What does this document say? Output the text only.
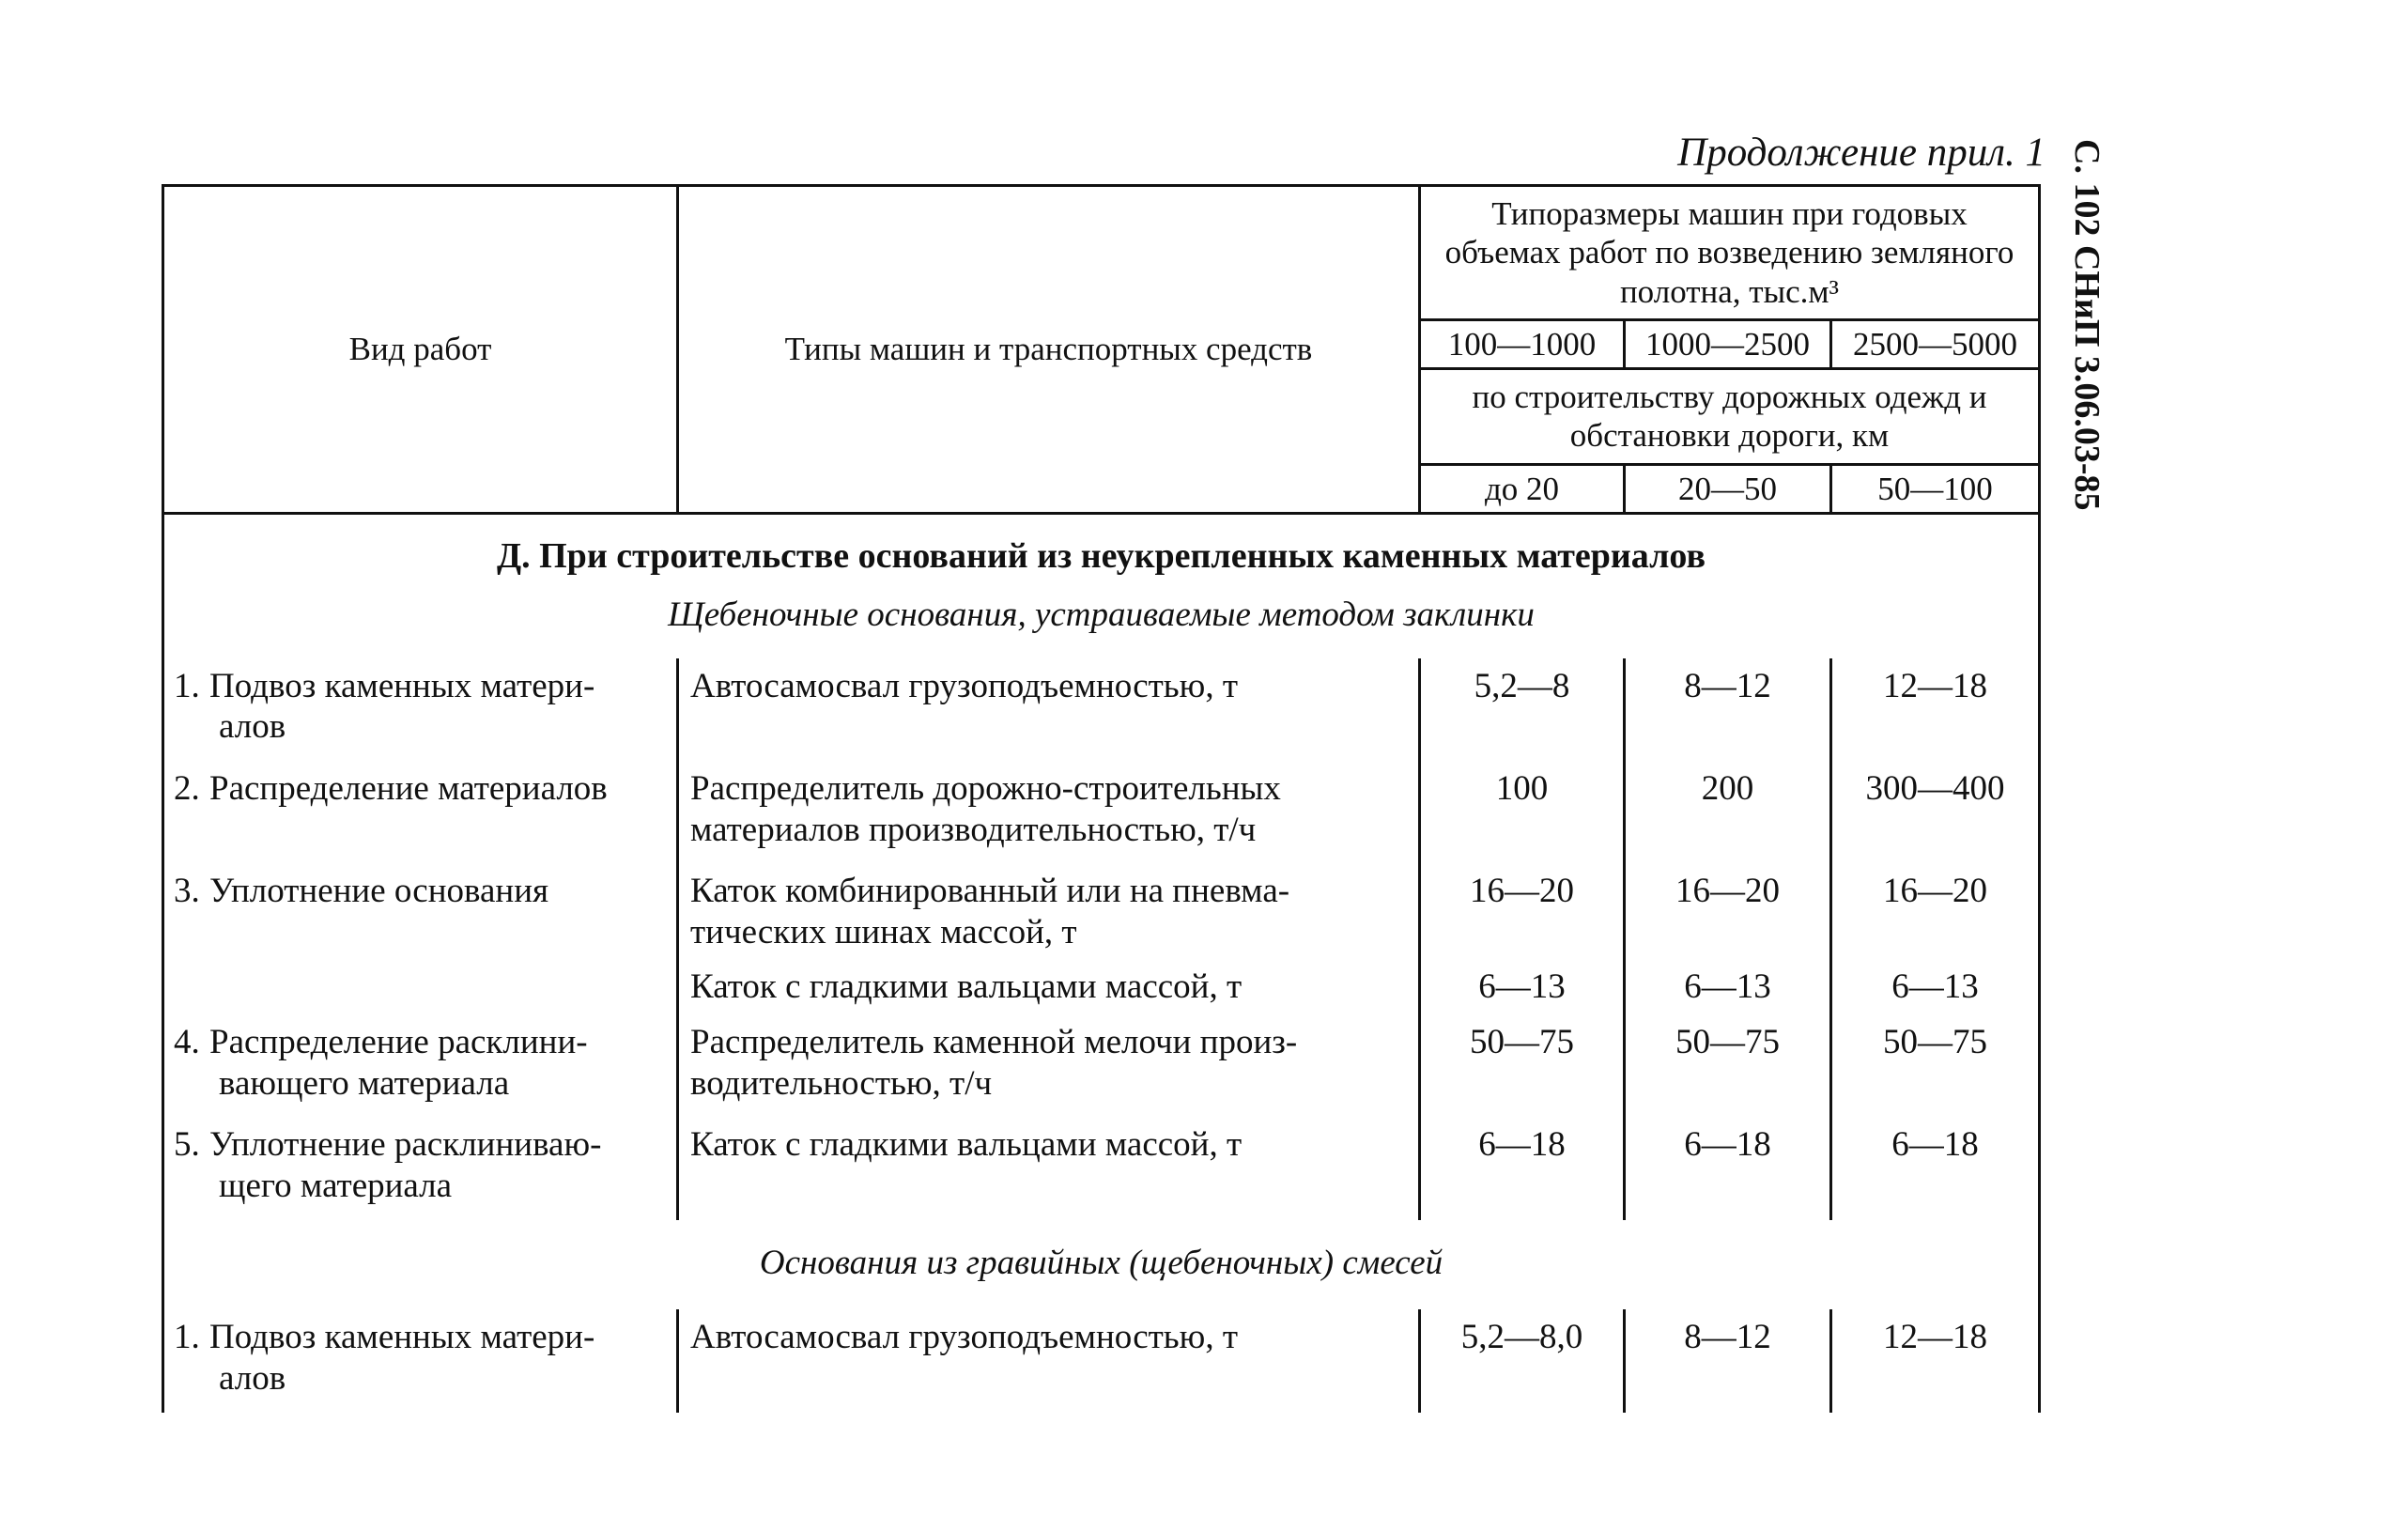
Продолжение прил. 1 С. 102 СНиП 3.06.03-85
Вид работ	Типы машин и транспортных средств	Типоразмеры машин при годовых объемах работ по возведению земляного полотна, тыс.м³		
		100—1000	1000—2500	2500—5000
		по строительству дорожных одежд и обстановки дороги, км		
		до 20	20—50	50—100
Д. При строительстве оснований из неукрепленных каменных материалов				
Щебеночные основания, устраиваемые методом заклинки				
1. Подвоз каменных матери-
алов	Автосамосвал грузоподъемностью, т	5,2—8	8—12	12—18
2. Распределение материалов	Распределитель дорожно-строительных материалов производительностью, т/ч	100	200	300—400
3. Уплотнение основания	Каток комбинированный или на пневма-тических шинах массой, т	16—20	16—20	16—20
	Каток с гладкими вальцами массой, т	6—13	6—13	6—13
4. Распределение расклини-
вающего материала	Распределитель каменной мелочи произ-водительностью, т/ч	50—75	50—75	50—75
5. Уплотнение расклиниваю-
щего материала	Каток с гладкими вальцами массой, т	6—18	6—18	6—18
Основания из гравийных (щебеночных) смесей				
1. Подвоз каменных матери-
алов	Автосамосвал грузоподъемностью, т	5,2—8,0	8—12	12—18
